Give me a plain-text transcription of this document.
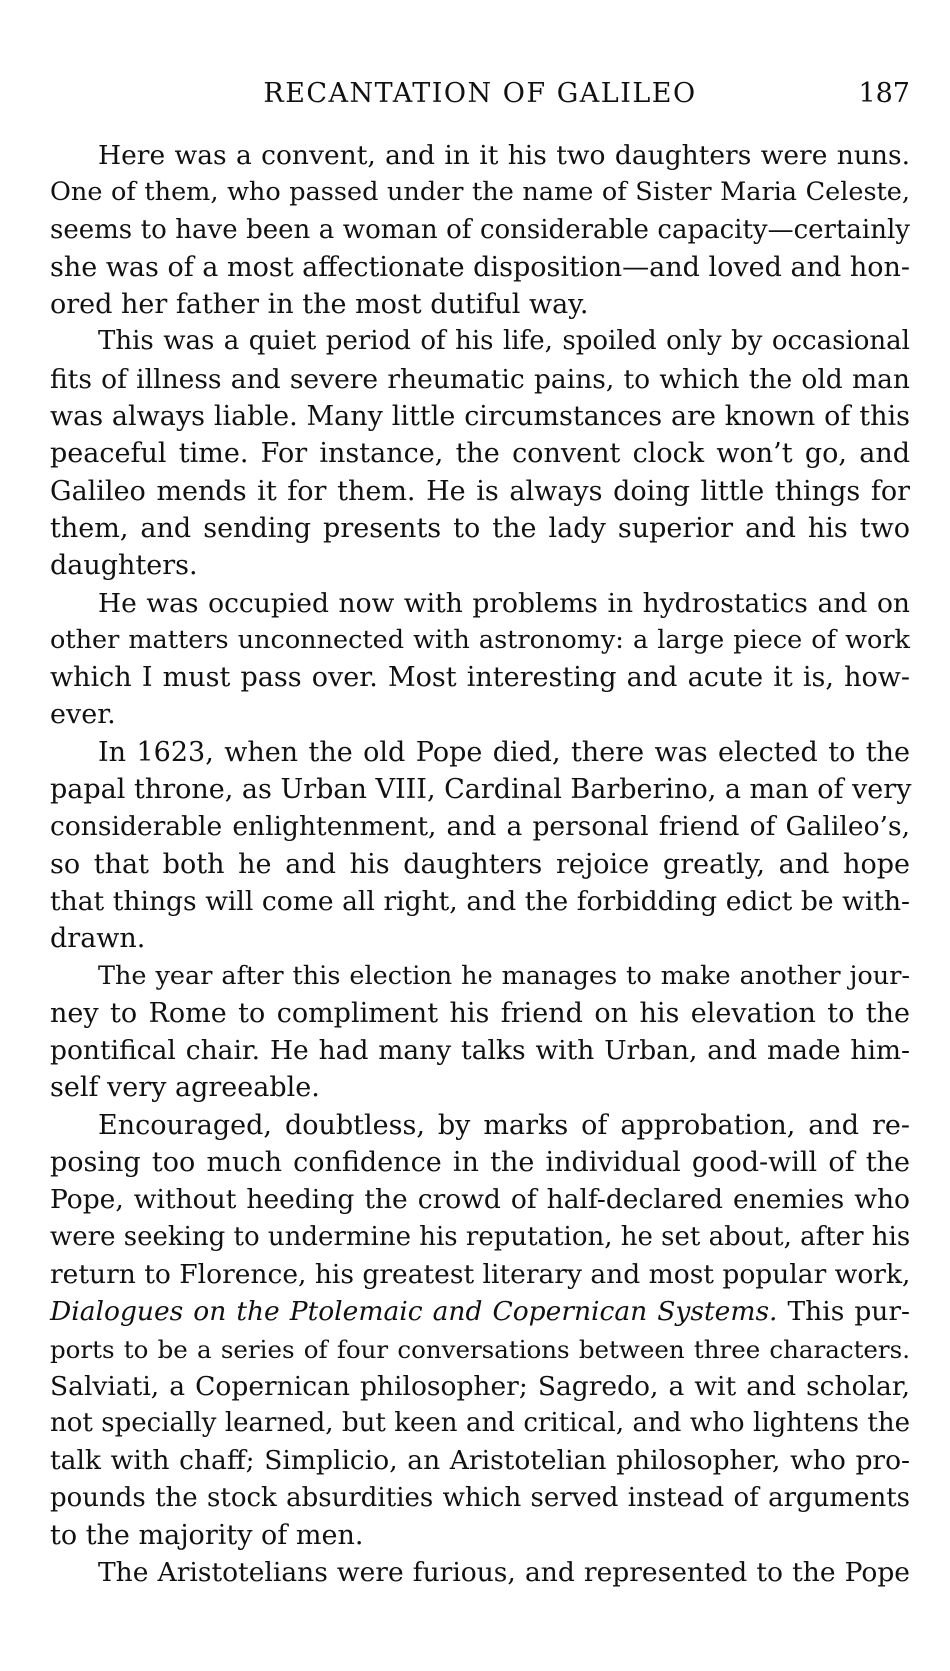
RECANTATION OF GALILEO	187
Here was a convent, and in it his two daughters were nuns.
One of them, who passed under the name of Sister Maria Celeste,
seems to have been a woman of considerable capacity—certainly
she was of a most affectionate disposition—and loved and hon-
ored her father in the most dutiful way.
This was a quiet period of his life, spoiled only by occasional
fits of illness and severe rheumatic pains, to which the old man
was always liable. Many little circumstances are known of this
peaceful time. For instance, the convent clock won’t go, and
Galileo mends it for them. He is always doing little things for
them, and sending presents to the lady superior and his two
daughters.
He was occupied now with problems in hydrostatics and on
other matters unconnected with astronomy: a large piece of work
which I must pass over. Most interesting and acute it is, how-
ever.
In 1623, when the old Pope died, there was elected to the
papal throne, as Urban VIII, Cardinal Barberino, a man of very
considerable enlightenment, and a personal friend of Galileo’s,
so that both he and his daughters rejoice greatly, and hope
that things will come all right, and the forbidding edict be with-
drawn.
The year after this election he manages to make another jour-
ney to Rome to compliment his friend on his elevation to the
pontifical chair. He had many talks with Urban, and made him-
self very agreeable.
Encouraged, doubtless, by marks of approbation, and re-
posing too much confidence in the individual good-will of the
Pope, without heeding the crowd of half-declared enemies who
were seeking to undermine his reputation, he set about, after his
return to Florence, his greatest literary and most popular work,
Dialogues on the Ptolemaic and Copernican Systems. This pur-
ports to be a series of four conversations between three characters.
Salviati, a Copernican philosopher; Sagredo, a wit and scholar,
not specially learned, but keen and critical, and who lightens the
talk with chaff; Simplicio, an Aristotelian philosopher, who pro-
pounds the stock absurdities which served instead of arguments
to the majority of men.
The Aristotelians were furious, and represented to the Pope
